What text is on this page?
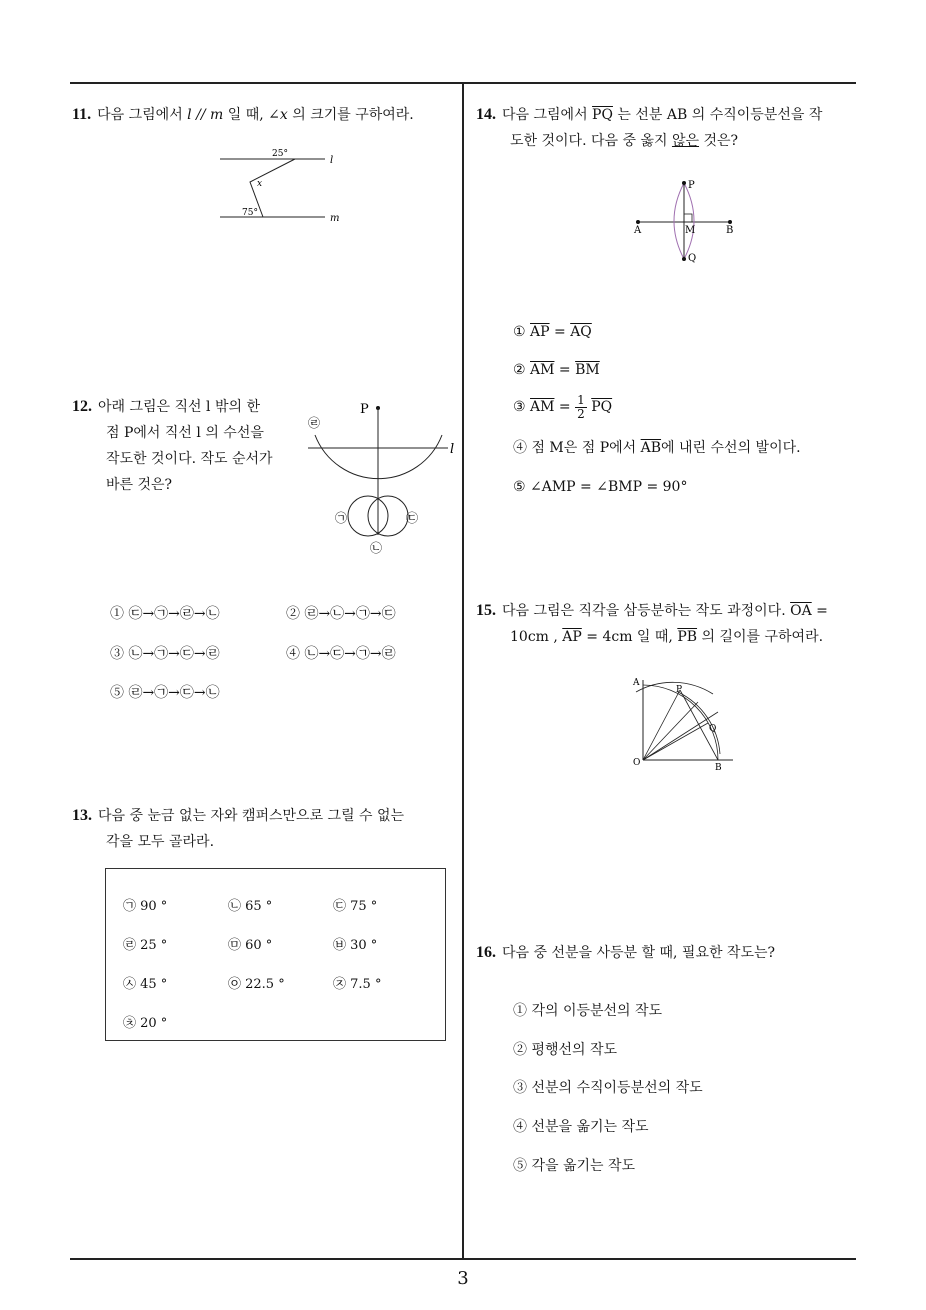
11. 다음 그림에서 l // m 일 때, ∠x 의 크기를 구하여라.
25°
x
75°
l
m
12. 아래 그림은 직선 l 밖의 한
점 P에서 직선 l 의 수선을
작도한 것이다. 작도 순서가
바른 것은?
P
l
㉣
㉠	㉢
㉡
① ㉢→㉠→㉣→㉡	② ㉣→㉡→㉠→㉢
③ ㉡→㉠→㉢→㉣	④ ㉡→㉢→㉠→㉣
⑤ ㉣→㉠→㉢→㉡
13. 다음 중 눈금 없는 자와 캠퍼스만으로 그릴 수 없는
각을 모두 골라라.
㉠ 90 °	㉡ 65 °	㉢ 75 °
㉣ 25 °	㉤ 60 °	㉥ 30 °
㉦ 45 °	㉧ 22.5 °	㉨ 7.5 °
㉩ 20 °
14. 다음 그림에서 $\overline{PQ}$ 는 선분 AB 의 수직이등분선을 작
도한 것이다. 다음 중 옳지 않은 것은?
P
A	M	B
Q
① $\overline{AP} = \overline{AQ}$
② $\overline{AM} = \overline{BM}$
③ $\overline{AM} = \frac{1}{2} \overline{PQ}$
④ 점 M은 점 P에서 $\overline{AB}$에 내린 수선의 발이다.
⑤ ∠AMP = ∠BMP = 90°
15. 다음 그림은 직각을 삼등분하는 작도 과정이다. $\overline{OA}$ =
10cm , $\overline{AP} = 4cm$ 일 때, $\overline{PB}$ 의 길이를 구하여라.
A
P
Q
O	B
16. 다음 중 선분을 사등분 할 때, 필요한 작도는?
① 각의 이등분선의 작도
② 평행선의 작도
③ 선분의 수직이등분선의 작도
④ 선분을 옮기는 작도
⑤ 각을 옮기는 작도
3
